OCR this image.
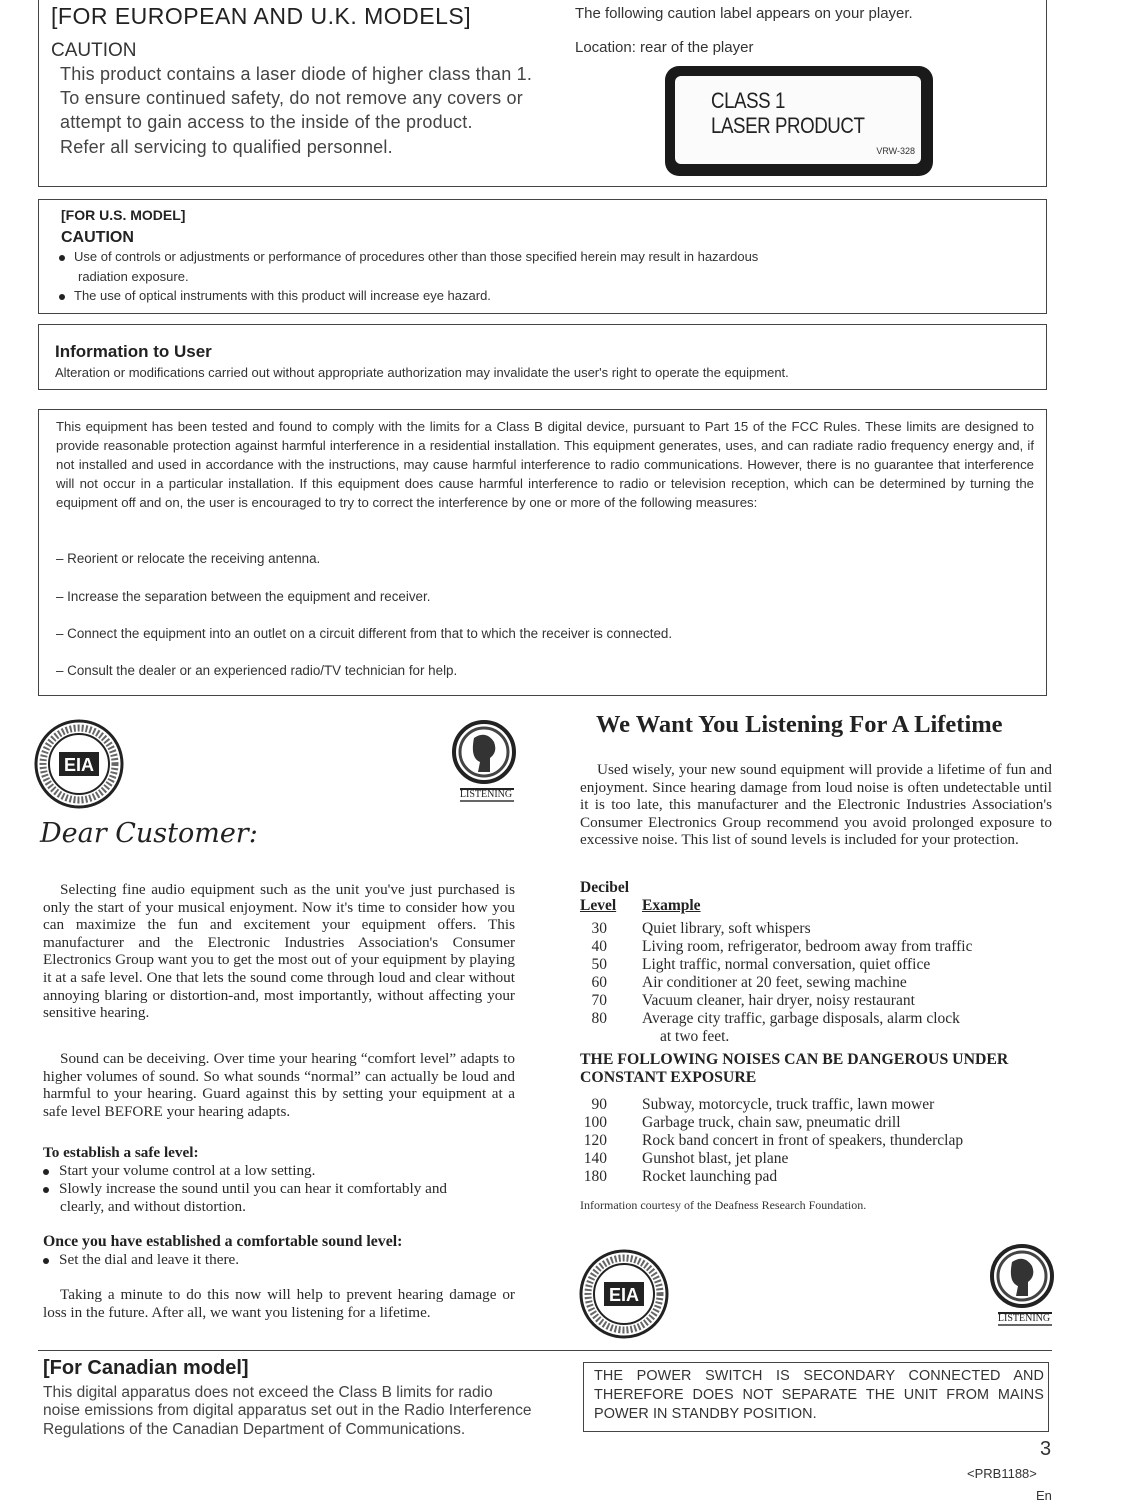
[FOR EUROPEAN AND U.K. MODELS]
CAUTION
This product contains a laser diode of higher class than 1. To ensure continued safety, do not remove any covers or attempt to gain access to the inside of the product.
Refer all servicing to qualified personnel.
The following caution label appears on your player.
Location: rear of the player
CLASS 1
LASER PRODUCT
VRW-328
[FOR U.S. MODEL]
CAUTION
Use of controls or adjustments or performance of procedures other than those specified herein may result in hazardous
radiation exposure.
The use of optical instruments with this product will increase eye hazard.
Information to User
Alteration or modifications carried out without appropriate authorization may invalidate the user's right to operate the equipment.
This equipment has been tested and found to comply with the limits for a Class B digital device, pursuant to Part 15 of the FCC Rules. These limits are designed to provide reasonable protection against harmful interference in a residential installation. This equipment generates, uses, and can radiate radio frequency energy and, if not installed and used in accordance with the instructions, may cause harmful interference to radio communications. However, there is no guarantee that interference will not occur in a particular installation. If this equipment does cause harmful interference to radio or television reception, which can be determined by turning the equipment off and on, the user is encouraged to try to correct the interference by one or more of the following measures:
– Reorient or relocate the receiving antenna.
– Increase the separation between the equipment and receiver.
– Connect the equipment into an outlet on a circuit different from that to which the receiver is connected.
– Consult the dealer or an experienced radio/TV technician for help.
EIA
LISTENING
Dear Customer:
Selecting fine audio equipment such as the unit you've just purchased is only the start of your musical enjoyment. Now it's time to consider how you can maximize the fun and excitement your equipment offers. This manufacturer and the Electronic Industries Association's Consumer Electronics Group want you to get the most out of your equipment by playing it at a safe level. One that lets the sound come through loud and clear without annoying blaring or distortion-and, most importantly, without affecting your sensitive hearing.
Sound can be deceiving. Over time your hearing “comfort level” adapts to higher volumes of sound. So what sounds “normal” can actually be loud and harmful to your hearing. Guard against this by setting your equipment at a safe level BEFORE your hearing adapts.
To establish a safe level:
Start your volume control at a low setting.
Slowly increase the sound until you can hear it comfortably and
clearly, and without distortion.
Once you have established a comfortable sound level:
Set the dial and leave it there.
Taking a minute to do this now will help to prevent hearing damage or loss in the future. After all, we want you listening for a lifetime.
We Want You Listening For A Lifetime
Used wisely, your new sound equipment will provide a lifetime of fun and enjoyment. Since hearing damage from loud noise is often undetectable until it is too late, this manufacturer and the Electronic Industries Association's Consumer Electronics Group recommend you avoid prolonged exposure to excessive noise. This list of sound levels is included for your protection.
Decibel
Level Example
30 Quiet library, soft whispers
40 Living room, refrigerator, bedroom away from traffic
50 Light traffic, normal conversation, quiet office
60 Air conditioner at 20 feet, sewing machine
70 Vacuum cleaner, hair dryer, noisy restaurant
80 Average city traffic, garbage disposals, alarm clock
at two feet.
THE FOLLOWING NOISES CAN BE DANGEROUS UNDER CONSTANT EXPOSURE
90 Subway, motorcycle, truck traffic, lawn mower
100 Garbage truck, chain saw, pneumatic drill
120 Rock band concert in front of speakers, thunderclap
140 Gunshot blast, jet plane
180 Rocket launching pad
Information courtesy of the Deafness Research Foundation.
EIA
LISTENING
[For Canadian model]
This digital apparatus does not exceed the Class B limits for radio noise emissions from digital apparatus set out in the Radio Interference Regulations of the Canadian Department of Communications.
THE POWER SWITCH IS SECONDARY CONNECTED AND THEREFORE DOES NOT SEPARATE THE UNIT FROM MAINS POWER IN STANDBY POSITION.
3
<PRB1188>
En
